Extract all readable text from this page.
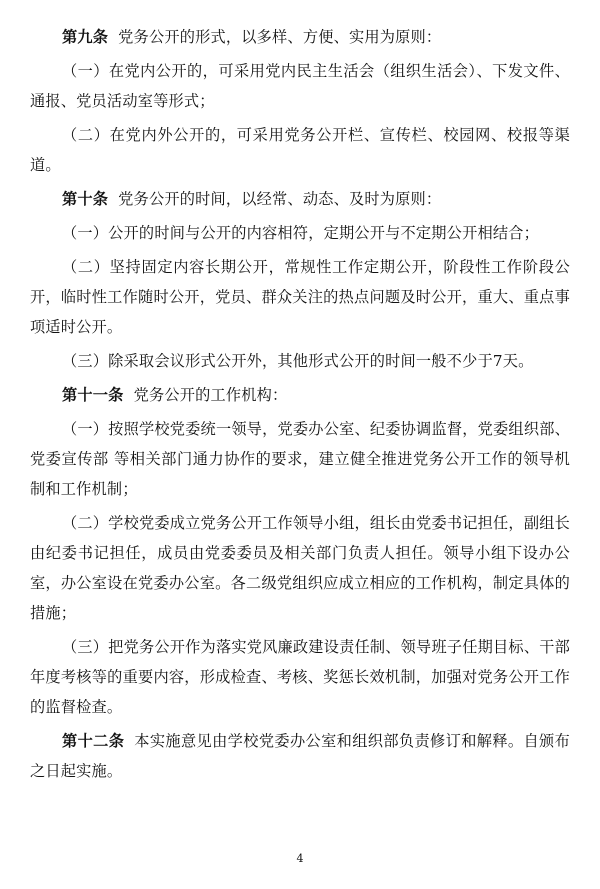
第九条 党务公开的形式，以多样、方便、实用为原则：

（一）在党内公开的，可采用党内民主生活会（组织生活会）、下发文件、通报、党员活动室等形式；

（二）在党内外公开的，可采用党务公开栏、宣传栏、校园网、校报等渠道。

第十条 党务公开的时间，以经常、动态、及时为原则：

（一）公开的时间与公开的内容相符，定期公开与不定期公开相结合；

（二）坚持固定内容长期公开，常规性工作定期公开，阶段性工作阶段公开，临时性工作随时公开，党员、群众关注的热点问题及时公开，重大、重点事项适时公开。

（三）除采取会议形式公开外，其他形式公开的时间一般不少于7天。

第十一条 党务公开的工作机构：

（一）按照学校党委统一领导，党委办公室、纪委协调监督，党委组织部、党委宣传部 等相关部门通力协作的要求，建立健全推进党务公开工作的领导机制和工作机制；

（二）学校党委成立党务公开工作领导小组，组长由党委书记担任，副组长由纪委书记担任，成员由党委委员及相关部门负责人担任。领导小组下设办公室，办公室设在党委办公室。各二级党组织应成立相应的工作机构，制定具体的措施；

（三）把党务公开作为落实党风廉政建设责任制、领导班子任期目标、干部年度考核等的重要内容，形成检查、考核、奖惩长效机制，加强对党务公开工作的监督检查。

第十二条 本实施意见由学校党委办公室和组织部负责修订和解释。自颁布之日起实施。

4
